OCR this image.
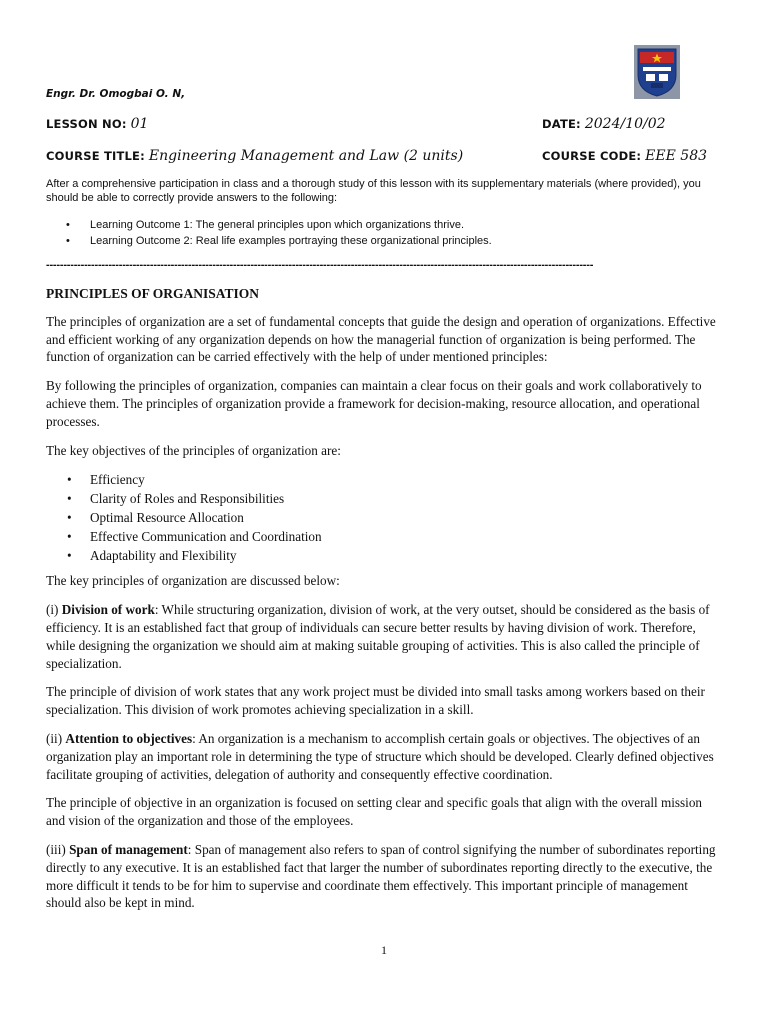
Engr. Dr. Omogbai O. N,
LESSON NO: 01	DATE: 2024/10/02
COURSE TITLE: Engineering Management and Law (2 units)	COURSE CODE: EEE 583
After a comprehensive participation in class and a thorough study of this lesson with its supplementary materials (where provided), you should be able to correctly provide answers to the following:
• Learning Outcome 1: The general principles upon which organizations thrive.
• Learning Outcome 2: Real life examples portraying these organizational principles.
--------------------------------------------------------------------------------------------------------------------------------------------------------------
PRINCIPLES OF ORGANISATION

The principles of organization are a set of fundamental concepts that guide the design and operation of organizations. Effective and efficient working of any organization depends on how the managerial function of organization is being performed. The function of organization can be carried effectively with the help of under mentioned principles:

By following the principles of organization, companies can maintain a clear focus on their goals and work collaboratively to achieve them. The principles of organization provide a framework for decision-making, resource allocation, and operational processes.

The key objectives of the principles of organization are:

• Efficiency
• Clarity of Roles and Responsibilities
• Optimal Resource Allocation
• Effective Communication and Coordination
• Adaptability and Flexibility

The key principles of organization are discussed below:

(i) Division of work: While structuring organization, division of work, at the very outset, should be considered as the basis of efficiency. It is an established fact that group of individuals can secure better results by having division of work. Therefore, while designing the organization we should aim at making suitable grouping of activities. This is also called the principle of specialization.

The principle of division of work states that any work project must be divided into small tasks among workers based on their specialization. This division of work promotes achieving specialization in a skill.

(ii) Attention to objectives: An organization is a mechanism to accomplish certain goals or objectives. The objectives of an organization play an important role in determining the type of structure which should be developed. Clearly defined objectives facilitate grouping of activities, delegation of authority and consequently effective coordination.

The principle of objective in an organization is focused on setting clear and specific goals that align with the overall mission and vision of the organization and those of the employees.

(iii) Span of management: Span of management also refers to span of control signifying the number of subordinates reporting directly to any executive. It is an established fact that larger the number of subordinates reporting directly to the executive, the more difficult it tends to be for him to supervise and coordinate them effectively. This important principle of management should also be kept in mind.

1
